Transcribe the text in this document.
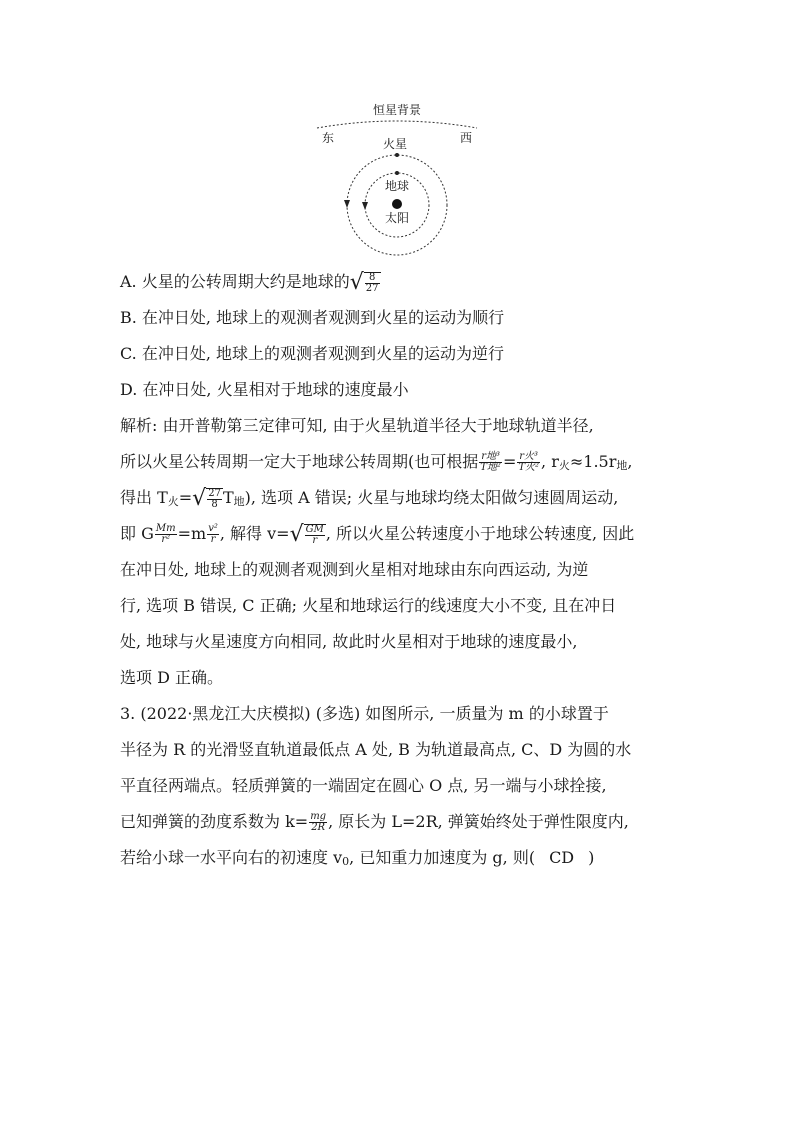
恒星背景
东	西
火星
地球
太阳
A. 火星的公转周期大约是地球的√ $\frac{8}{27}$
B. 在冲日处, 地球上的观测者观测到火星的运动为顺行
C. 在冲日处, 地球上的观测者观测到火星的运动为逆行
D. 在冲日处, 火星相对于地球的速度最小
解析: 由开普勒第三定律可知, 由于火星轨道半径大于地球轨道半径,
所以火星公转周期一定大于地球公转周期(也可根据 $\frac{\text{r地³}}{\text{T地²}} = \frac{\text{r火³}}{\text{T火²}}$ , r火≈1.5r地,
得出 T火=√ $\frac{27}{8}$ T地), 选项 A 错误; 火星与地球均绕太阳做匀速圆周运动,
即 G $\frac{Mm}{\text{r²}} =m \frac{\text{v²}}{r}$ , 解得 $v=√ \frac{GM}{r}$ , 所以火星公转速度小于地球公转速度, 因此
在冲日处, 地球上的观测者观测到火星相对地球由东向西运动, 为逆
行, 选项 B 错误, C 正确; 火星和地球运行的线速度大小不变, 且在冲日
处, 地球与火星速度方向相同, 故此时火星相对于地球的速度最小,
选项 D 正确。
3. (2022·黑龙江大庆模拟) (多选) 如图所示, 一质量为 m 的小球置于
半径为 R 的光滑竖直轨道最低点 A 处, B 为轨道最高点, C、D 为圆的水
平直径两端点。轻质弹簧的一端固定在圆心 O 点, 另一端与小球拴接,
已知弹簧的劲度系数为 $k= \frac{mg}{2R}$ , 原长为 L=2R, 弹簧始终处于弹性限度内,
若给小球一水平向右的初速度 v0, 已知重力加速度为 g, 则( CD )
